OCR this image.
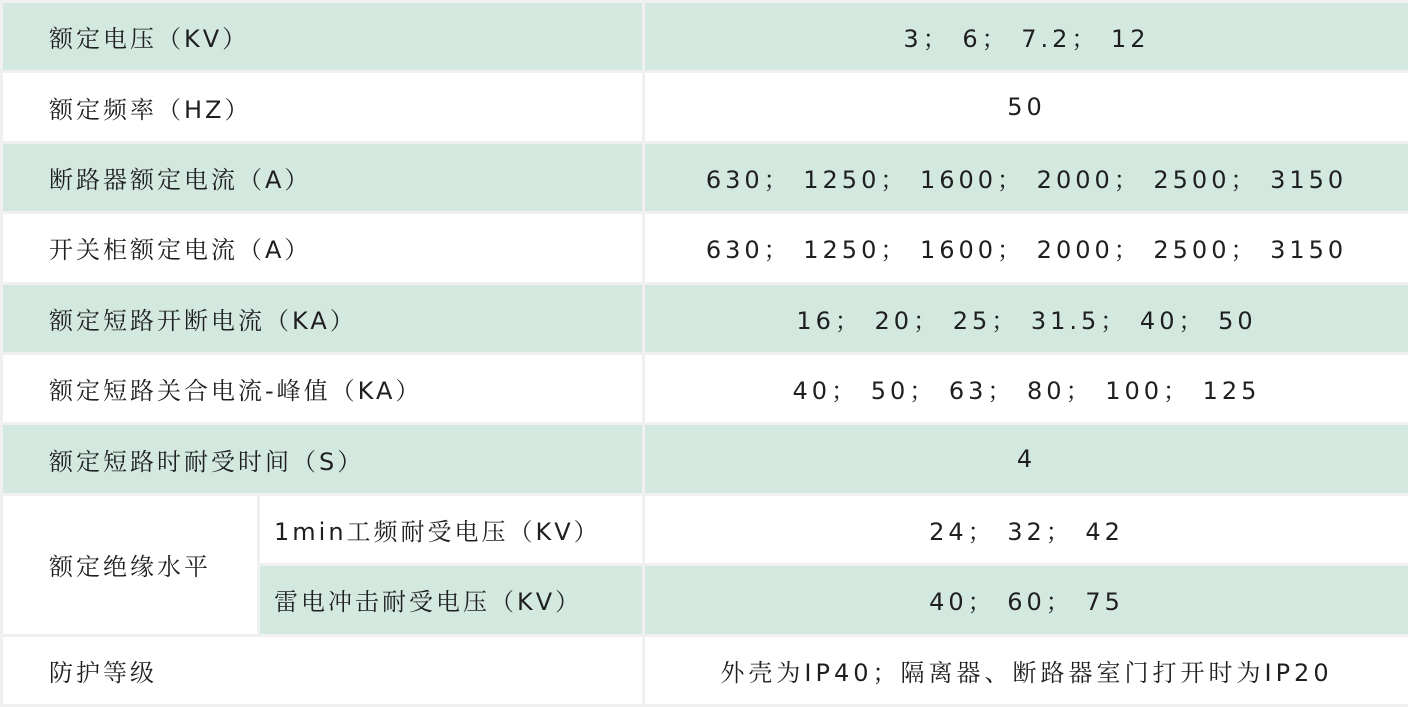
额定电压（KV）		3； 6； 7.2； 12
额定频率（HZ）		50
断路器额定电流（A）		630； 1250； 1600； 2000； 2500； 3150
开关柜额定电流（A）		630； 1250； 1600； 2000； 2500； 3150
额定短路开断电流（KA）		16； 20； 25； 31.5； 40； 50
额定短路关合电流-峰值（KA）		40； 50； 63； 80； 100； 125
额定短路时耐受时间（S）		4
额定绝缘水平	1min工频耐受电压（KV）	24； 32； 42
	雷电冲击耐受电压（KV）	40； 60； 75
防护等级		外壳为IP40；隔离器、断路器室门打开时为IP20
